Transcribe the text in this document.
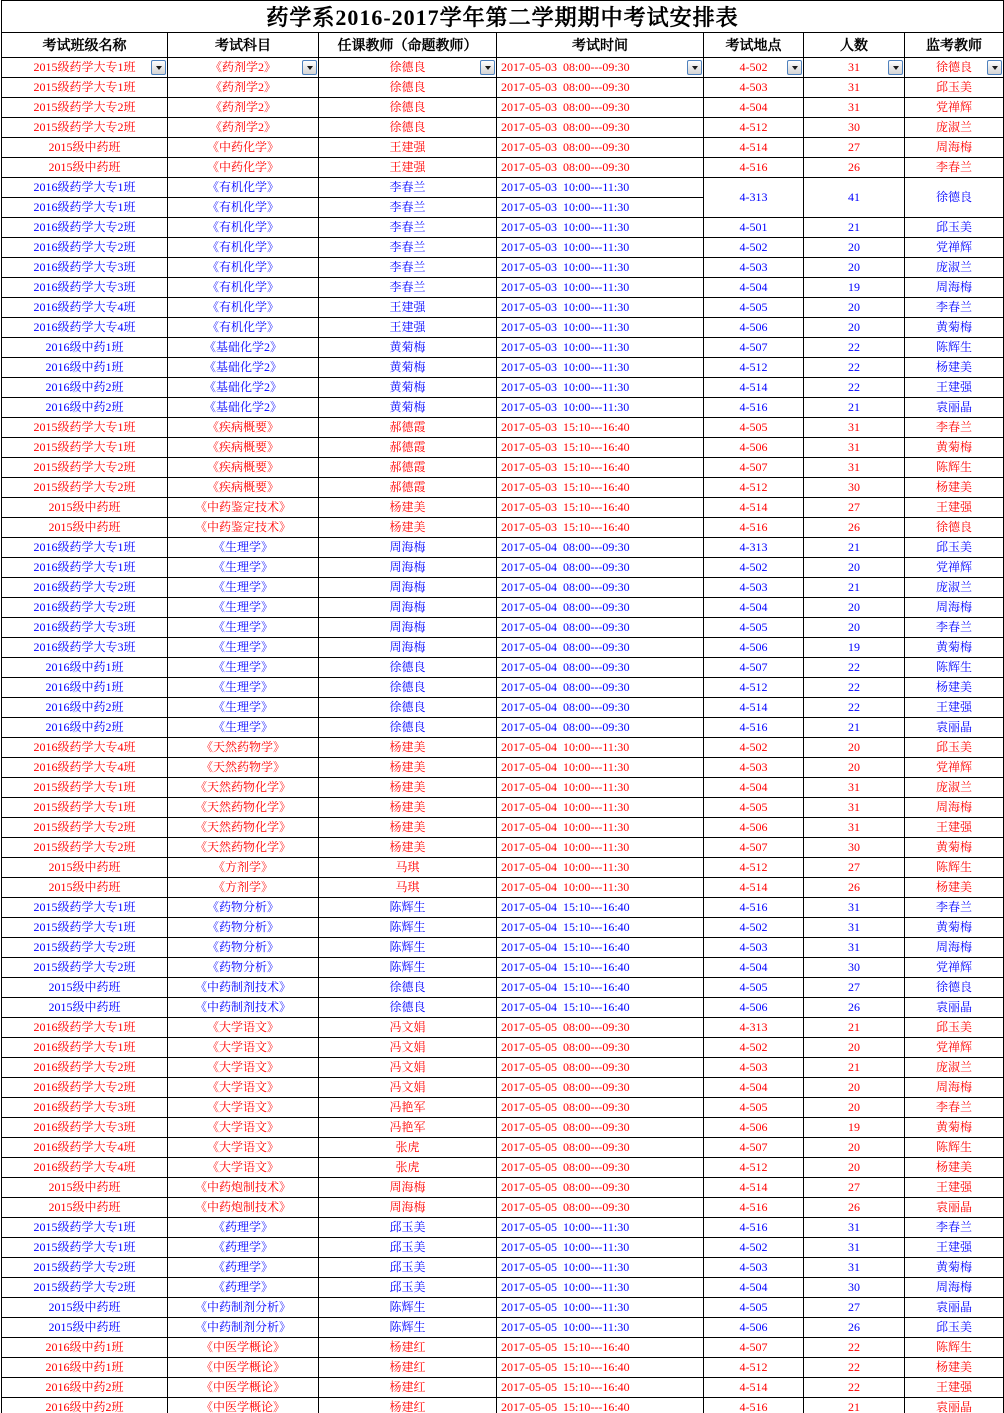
药学系2016-2017学年第二学期期中考试安排表						
考试班级名称	考试科目	任课教师（命题教师）	考试时间	考试地点	人数	监考教师
2015级药学大专1班	《药剂学2》	徐德良	2017-05-03  08:00---09:30	4-502	31	徐德良

2015级药学大专1班	《药剂学2》	徐德良	2017-05-03  08:00---09:30	4-503	31	邱玉美
2015级药学大专2班	《药剂学2》	徐德良	2017-05-03  08:00---09:30	4-504	31	党禅辉
2015级药学大专2班	《药剂学2》	徐德良	2017-05-03  08:00---09:30	4-512	30	庞淑兰
2015级中药班	《中药化学》	王建强	2017-05-03  08:00---09:30	4-514	27	周海梅
2015级中药班	《中药化学》	王建强	2017-05-03  08:00---09:30	4-516	26	李春兰
2016级药学大专1班	《有机化学》	李春兰	2017-05-03  10:00---11:30	4-313	41	徐德良
2016级药学大专1班	《有机化学》	李春兰	2017-05-03  10:00---11:30			
2016级药学大专2班	《有机化学》	李春兰	2017-05-03  10:00---11:30	4-501	21	邱玉美
2016级药学大专2班	《有机化学》	李春兰	2017-05-03  10:00---11:30	4-502	20	党禅辉
2016级药学大专3班	《有机化学》	李春兰	2017-05-03  10:00---11:30	4-503	20	庞淑兰
2016级药学大专3班	《有机化学》	李春兰	2017-05-03  10:00---11:30	4-504	19	周海梅
2016级药学大专4班	《有机化学》	王建强	2017-05-03  10:00---11:30	4-505	20	李春兰
2016级药学大专4班	《有机化学》	王建强	2017-05-03  10:00---11:30	4-506	20	黄菊梅
2016级中药1班	《基础化学2》	黄菊梅	2017-05-03  10:00---11:30	4-507	22	陈辉生
2016级中药1班	《基础化学2》	黄菊梅	2017-05-03  10:00---11:30	4-512	22	杨建美
2016级中药2班	《基础化学2》	黄菊梅	2017-05-03  10:00---11:30	4-514	22	王建强
2016级中药2班	《基础化学2》	黄菊梅	2017-05-03  10:00---11:30	4-516	21	袁丽晶
2015级药学大专1班	《疾病概要》	郝德霞	2017-05-03  15:10---16:40	4-505	31	李春兰
2015级药学大专1班	《疾病概要》	郝德霞	2017-05-03  15:10---16:40	4-506	31	黄菊梅
2015级药学大专2班	《疾病概要》	郝德霞	2017-05-03  15:10---16:40	4-507	31	陈辉生
2015级药学大专2班	《疾病概要》	郝德霞	2017-05-03  15:10---16:40	4-512	30	杨建美
2015级中药班	《中药鉴定技术》	杨建美	2017-05-03  15:10---16:40	4-514	27	王建强
2015级中药班	《中药鉴定技术》	杨建美	2017-05-03  15:10---16:40	4-516	26	徐德良
2016级药学大专1班	《生理学》	周海梅	2017-05-04  08:00---09:30	4-313	21	邱玉美
2016级药学大专1班	《生理学》	周海梅	2017-05-04  08:00---09:30	4-502	20	党禅辉
2016级药学大专2班	《生理学》	周海梅	2017-05-04  08:00---09:30	4-503	21	庞淑兰
2016级药学大专2班	《生理学》	周海梅	2017-05-04  08:00---09:30	4-504	20	周海梅
2016级药学大专3班	《生理学》	周海梅	2017-05-04  08:00---09:30	4-505	20	李春兰
2016级药学大专3班	《生理学》	周海梅	2017-05-04  08:00---09:30	4-506	19	黄菊梅
2016级中药1班	《生理学》	徐德良	2017-05-04  08:00---09:30	4-507	22	陈辉生
2016级中药1班	《生理学》	徐德良	2017-05-04  08:00---09:30	4-512	22	杨建美
2016级中药2班	《生理学》	徐德良	2017-05-04  08:00---09:30	4-514	22	王建强
2016级中药2班	《生理学》	徐德良	2017-05-04  08:00---09:30	4-516	21	袁丽晶
2016级药学大专4班	《天然药物学》	杨建美	2017-05-04  10:00---11:30	4-502	20	邱玉美
2016级药学大专4班	《天然药物学》	杨建美	2017-05-04  10:00---11:30	4-503	20	党禅辉
2015级药学大专1班	《天然药物化学》	杨建美	2017-05-04  10:00---11:30	4-504	31	庞淑兰
2015级药学大专1班	《天然药物化学》	杨建美	2017-05-04  10:00---11:30	4-505	31	周海梅
2015级药学大专2班	《天然药物化学》	杨建美	2017-05-04  10:00---11:30	4-506	31	王建强
2015级药学大专2班	《天然药物化学》	杨建美	2017-05-04  10:00---11:30	4-507	30	黄菊梅
2015级中药班	《方剂学》	马琪	2017-05-04  10:00---11:30	4-512	27	陈辉生
2015级中药班	《方剂学》	马琪	2017-05-04  10:00---11:30	4-514	26	杨建美
2015级药学大专1班	《药物分析》	陈辉生	2017-05-04  15:10---16:40	4-516	31	李春兰
2015级药学大专1班	《药物分析》	陈辉生	2017-05-04  15:10---16:40	4-502	31	黄菊梅
2015级药学大专2班	《药物分析》	陈辉生	2017-05-04  15:10---16:40	4-503	31	周海梅
2015级药学大专2班	《药物分析》	陈辉生	2017-05-04  15:10---16:40	4-504	30	党禅辉
2015级中药班	《中药制剂技术》	徐德良	2017-05-04  15:10---16:40	4-505	27	徐德良
2015级中药班	《中药制剂技术》	徐德良	2017-05-04  15:10---16:40	4-506	26	袁丽晶
2016级药学大专1班	《大学语文》	冯文娟	2017-05-05  08:00---09:30	4-313	21	邱玉美
2016级药学大专1班	《大学语文》	冯文娟	2017-05-05  08:00---09:30	4-502	20	党禅辉
2016级药学大专2班	《大学语文》	冯文娟	2017-05-05  08:00---09:30	4-503	21	庞淑兰
2016级药学大专2班	《大学语文》	冯文娟	2017-05-05  08:00---09:30	4-504	20	周海梅
2016级药学大专3班	《大学语文》	冯艳军	2017-05-05  08:00---09:30	4-505	20	李春兰
2016级药学大专3班	《大学语文》	冯艳军	2017-05-05  08:00---09:30	4-506	19	黄菊梅
2016级药学大专4班	《大学语文》	张虎	2017-05-05  08:00---09:30	4-507	20	陈辉生
2016级药学大专4班	《大学语文》	张虎	2017-05-05  08:00---09:30	4-512	20	杨建美
2015级中药班	《中药炮制技术》	周海梅	2017-05-05  08:00---09:30	4-514	27	王建强
2015级中药班	《中药炮制技术》	周海梅	2017-05-05  08:00---09:30	4-516	26	袁丽晶
2015级药学大专1班	《药理学》	邱玉美	2017-05-05  10:00---11:30	4-516	31	李春兰
2015级药学大专1班	《药理学》	邱玉美	2017-05-05  10:00---11:30	4-502	31	王建强
2015级药学大专2班	《药理学》	邱玉美	2017-05-05  10:00---11:30	4-503	31	黄菊梅
2015级药学大专2班	《药理学》	邱玉美	2017-05-05  10:00---11:30	4-504	30	周海梅
2015级中药班	《中药制剂分析》	陈辉生	2017-05-05  10:00---11:30	4-505	27	袁丽晶
2015级中药班	《中药制剂分析》	陈辉生	2017-05-05  10:00---11:30	4-506	26	邱玉美
2016级中药1班	《中医学概论》	杨建红	2017-05-05  15:10---16:40	4-507	22	陈辉生
2016级中药1班	《中医学概论》	杨建红	2017-05-05  15:10---16:40	4-512	22	杨建美
2016级中药2班	《中医学概论》	杨建红	2017-05-05  15:10---16:40	4-514	22	王建强
2016级中药2班	《中医学概论》	杨建红	2017-05-05  15:10---16:40	4-516	21	袁丽晶
